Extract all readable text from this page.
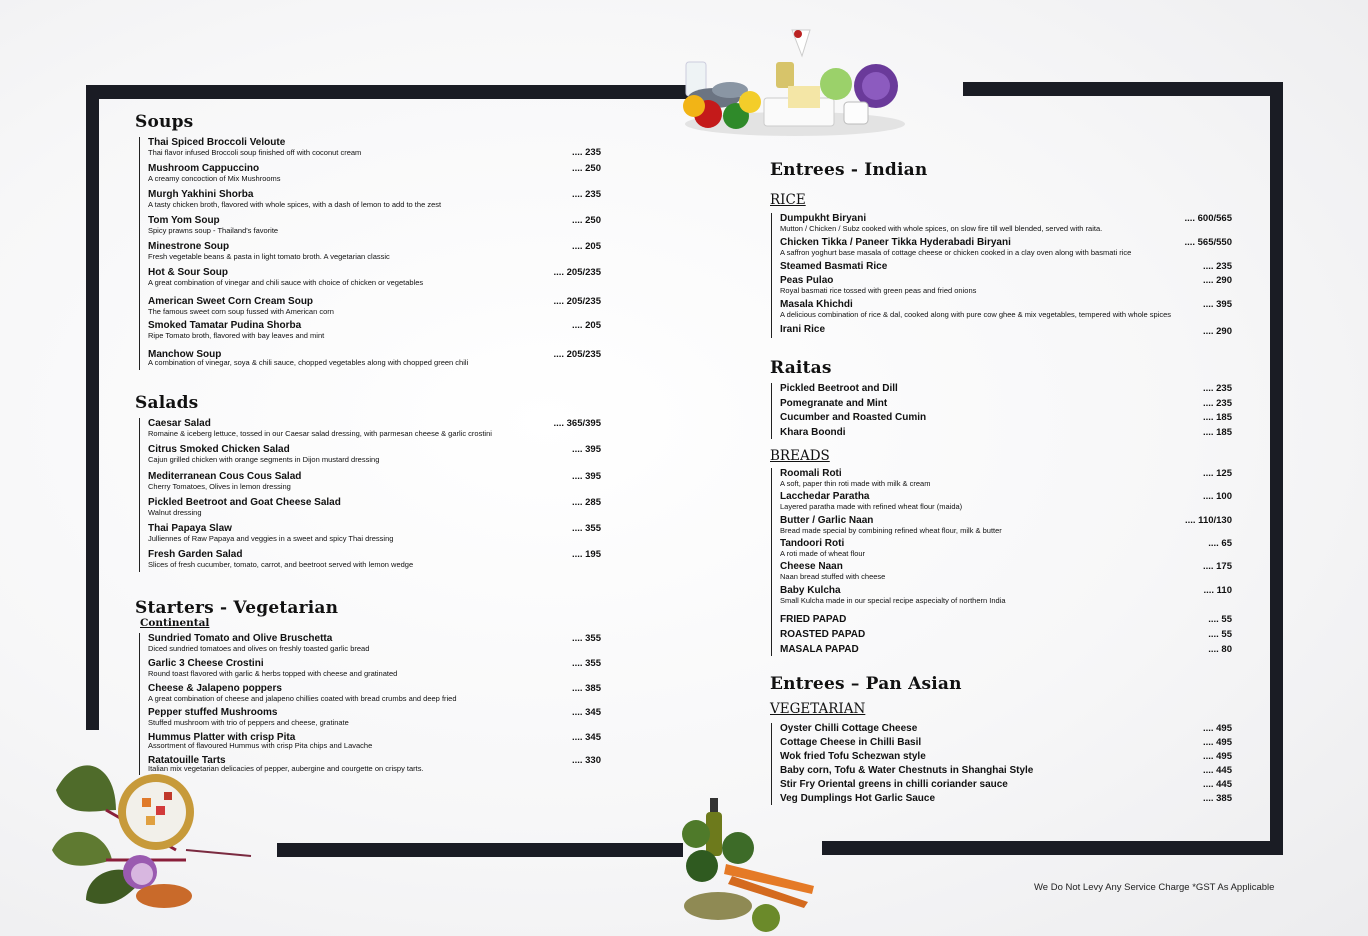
Soups
Thai Spiced Broccoli Veloute
Thai flavor infused Broccoli soup finished off with coconut cream	.... 235
Mushroom Cappuccino
A creamy concoction of Mix Mushrooms
.... 250
Murgh Yakhini Shorba
A tasty chicken broth, flavored with whole spices, with a dash of lemon to add to the zest
.... 235
Tom Yom Soup
Spicy prawns soup - Thailand's favorite
.... 250
Minestrone Soup
Fresh vegetable beans & pasta in light tomato broth. A vegetarian classic
.... 205
Hot & Sour Soup
A great combination of vinegar and chili sauce with choice of chicken or vegetables
.... 205/235
American Sweet Corn Cream Soup
The famous sweet corn soup fussed with American corn
.... 205/235
Smoked Tamatar Pudina Shorba
Ripe Tomato broth, flavored with bay leaves and mint
.... 205
Manchow Soup
A combination of vinegar, soya & chili sauce, chopped vegetables along with chopped green chili
.... 205/235
Salads
Caesar Salad
Romaine & iceberg lettuce, tossed in our Caesar salad dressing, with parmesan cheese & garlic crostini
.... 365/395
Citrus Smoked Chicken Salad
Cajun grilled chicken with orange segments in Dijon mustard dressing
.... 395
Mediterranean Cous Cous Salad
Cherry Tomatoes, Olives in lemon dressing
.... 395
Pickled Beetroot and Goat Cheese Salad
Walnut dressing
.... 285
Thai Papaya Slaw
Julliennes of Raw Papaya and veggies in a sweet and spicy Thai dressing
.... 355
Fresh Garden Salad
Slices of fresh cucumber, tomato, carrot, and beetroot served with lemon wedge
.... 195
Starters - Vegetarian
Continental
Sundried Tomato and Olive Bruschetta
Diced sundried tomatoes and olives on freshly toasted garlic bread
.... 355
Garlic 3 Cheese Crostini
Round toast flavored with garlic & herbs topped with cheese and gratinated
.... 355
Cheese & Jalapeno poppers
A great combination of cheese and jalapeno chillies coated with bread crumbs and deep fried
.... 385
Pepper stuffed Mushrooms
Stuffed mushroom with trio of peppers and cheese, gratinate
.... 345
Hummus Platter with crisp Pita
Assortment of flavoured Hummus with crisp Pita chips and Lavache
.... 345
Ratatouille Tarts
Italian mix vegetarian delicacies of pepper, aubergine and courgette on crispy tarts.
.... 330
Entrees - Indian
RICE
Dumpukht Biryani
Mutton / Chicken / Subz cooked with whole spices, on slow fire till well blended, served with raita.
.... 600/565
Chicken Tikka / Paneer Tikka Hyderabadi Biryani
A saffron yoghurt base masala of cottage cheese or chicken cooked in a clay oven along with basmati rice
.... 565/550
Steamed Basmati Rice	.... 235
Peas Pulao
Royal basmati rice tossed with green peas and fried onions
.... 290
Masala Khichdi
A delicious combination of rice & dal, cooked along with pure cow ghee & mix vegetables, tempered with whole spices
.... 395
Irani Rice	.... 290
Raitas
Pickled Beetroot and Dill	.... 235
Pomegranate and Mint	.... 235
Cucumber and Roasted Cumin	.... 185
Khara Boondi	.... 185
BREADS
Roomali Roti
A soft, paper thin roti made with milk & cream
.... 125
Lacchedar Paratha
Layered paratha made with refined wheat flour (maida)
.... 100
Butter / Garlic Naan
Bread made special by combining refined wheat flour, milk & butter
.... 110/130
Tandoori Roti
A roti made of wheat flour
.... 65
Cheese Naan
Naan bread stuffed with cheese
.... 175
Baby Kulcha
Small Kulcha made in our special recipe aspecialty of northern India
.... 110
FRIED PAPAD	.... 55
ROASTED PAPAD	.... 55
MASALA PAPAD	.... 80
Entrees – Pan Asian
VEGETARIAN
Oyster Chilli Cottage Cheese	.... 495
Cottage Cheese in Chilli Basil	.... 495
Wok fried Tofu Schezwan style	.... 495
Baby corn, Tofu & Water Chestnuts in Shanghai Style	.... 445
Stir Fry Oriental greens in chilli coriander sauce	.... 445
Veg Dumplings Hot Garlic Sauce	.... 385
We Do Not Levy Any Service Charge *GST As Applicable
